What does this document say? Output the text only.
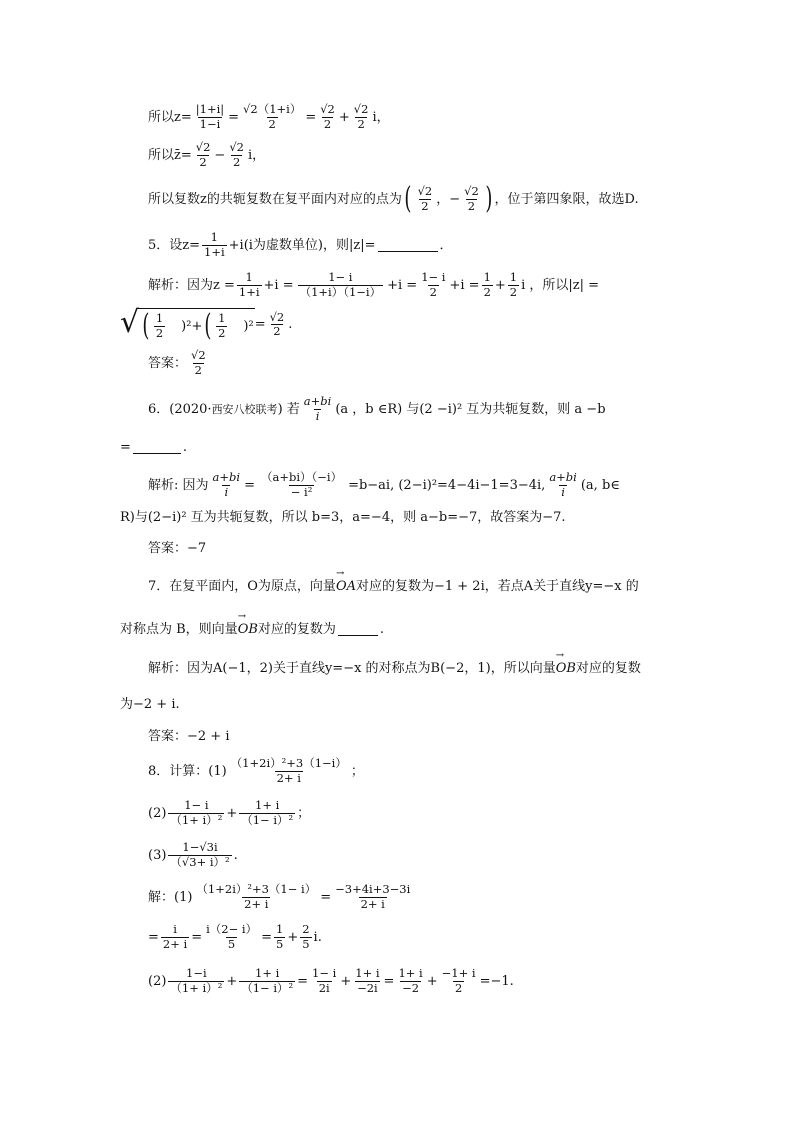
所以$z= \frac{|1+i|}{1-i} = \frac{√2(1+i)}{2} = \frac{√2}{2} + \frac{√2}{2}$ i，
所以z̄= $\frac{√2}{2} - \frac{√2}{2}$ i，
所以复数z的共轭复数在复平面内对应的点为 ( $\frac{√2}{2}$ ，− $\frac{√2}{2}$ ) ，位于第四象限，故选D.
5．设$z= \frac{1}{1+i} +i(i$为虚数单位)，则|z|=
	．
解析：因为$z = \frac{1}{1+i} +i = \frac{1- i}{(1+i)(1-i)} +i = \frac{1- i}{2} +i = \frac{1}{2} + \frac{1}{2}$ i ，所以|z| =
√ ( $\frac{1}{2} )^2+$ ( $\frac{1}{2} )^2 = \frac{√2}{2}$ .
答案： $\frac{√2}{2}$
6．(2020· 西安八校联考 ) 若 $\frac{a+bi}{i} (a$ ，b ∈R) 与(2 −i)² 互为共轭复数，则 a −b
=
	.
解析: 因为 $\frac{a+bi}{i} = \frac{(a+bi)(-i)}{\text{− i²}} =b-ai$, (2−i)²=4−4i−1=3−4i, $\frac{a+bi}{i} (a$, b∈
R)与(2−i)² 互为共轭复数，所以 b=3，a=−4，则 a−b=−7，故答案为−7.
答案：−7
7．在复平面内，O为原点，向量 → OA 对应的复数为−1 + 2i，若点A关于直线y=−x 的
对称点为 B，则向量 → OB 对应的复数为
	.
解析：因为A(−1，2)关于直线y=−x 的对称点为B(−2，1)，所以向量 → OB 对应的复数
为−2 + i.
答案：−2 + i
8．计算：$(1) \frac{\text{（1+2i）²+3（1−i）}}{2+ i}$ ；
$(2) \frac{1- i}{\text{（1+ i）²}} + \frac{1+ i}{\text{（1− i）²}}$ ；
$(3) \frac{1-√3i}{\text{（√3+ i）²}}$ .
解：$(1) \frac{\text{（1+2i）²+3（1− i）}}{2+ i} = \frac{-3+4i+3-3i}{2+ i}$
= $\frac{i}{2+ i} = \frac{i(2- i)}{5} = \frac{1}{5} + \frac{2}{5} i$.
$(2) \frac{1-i}{\text{（1+ i）²}} + \frac{1+ i}{\text{（1− i）²}} = \frac{1- i}{2i} + \frac{1+ i}{-2i} = \frac{1+ i}{-2} + \frac{-1+ i}{2} =-1$.
